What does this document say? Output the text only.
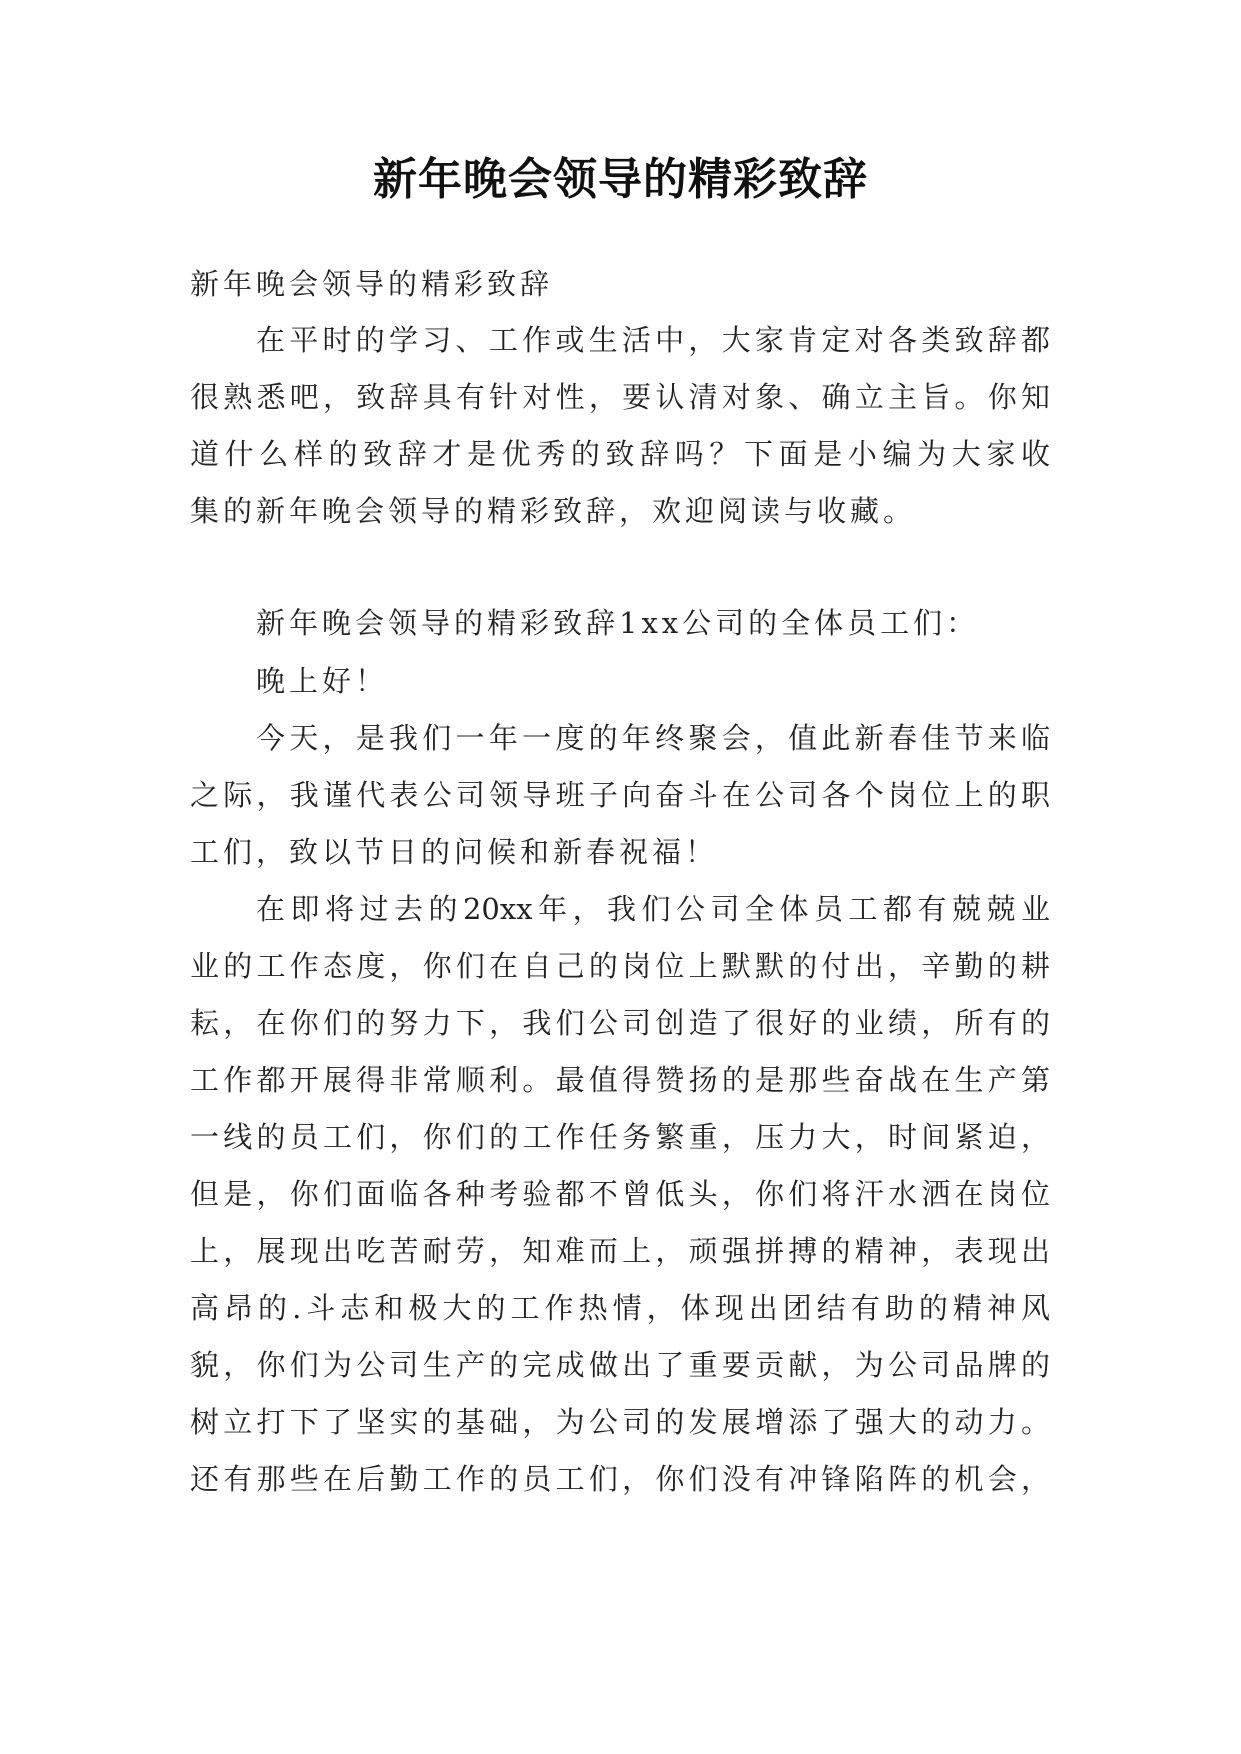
新年晚会领导的精彩致辞
新年晚会领导的精彩致辞
在平时的学习、工作或生活中，大家肯定对各类致辞都
很熟悉吧，致辞具有针对性，要认清对象、确立主旨。你知
道什么样的致辞才是优秀的致辞吗？下面是小编为大家收
集的新年晚会领导的精彩致辞，欢迎阅读与收藏。
新年晚会领导的精彩致辞1xx公司的全体员工们：
晚上好！
今天，是我们一年一度的年终聚会，值此新春佳节来临
之际，我谨代表公司领导班子向奋斗在公司各个岗位上的职
工们，致以节日的问候和新春祝福！
在即将过去的20xx年，我们公司全体员工都有兢兢业
业的工作态度，你们在自己的岗位上默默的付出，辛勤的耕
耘，在你们的努力下，我们公司创造了很好的业绩，所有的
工作都开展得非常顺利。最值得赞扬的是那些奋战在生产第
一线的员工们，你们的工作任务繁重，压力大，时间紧迫，
但是，你们面临各种考验都不曾低头，你们将汗水洒在岗位
上，展现出吃苦耐劳，知难而上，顽强拼搏的精神，表现出
高昂的.斗志和极大的工作热情，体现出团结有助的精神风
貌，你们为公司生产的完成做出了重要贡献，为公司品牌的
树立打下了坚实的基础，为公司的发展增添了强大的动力。
还有那些在后勤工作的员工们，你们没有冲锋陷阵的机会，
